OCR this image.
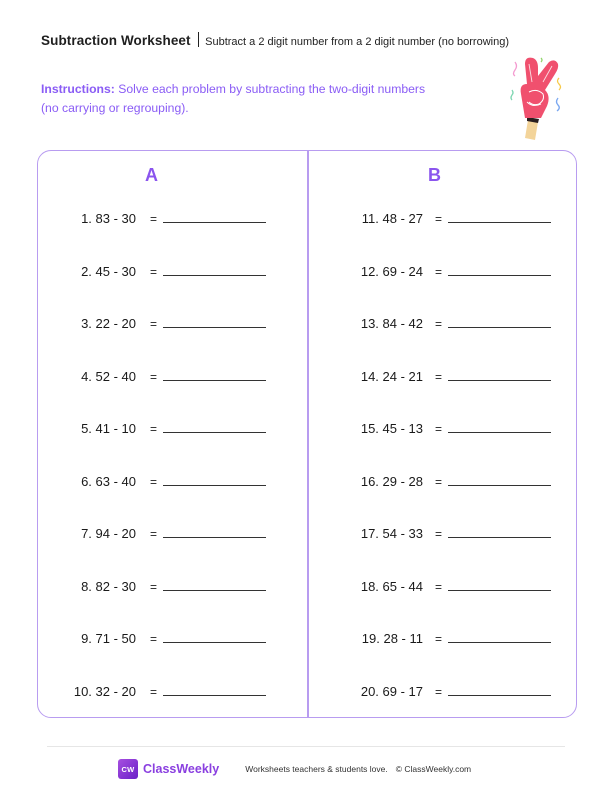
Subtraction Worksheet Subtract a 2 digit number from a 2 digit number (no borrowing)
Instructions: Solve each problem by subtracting the two-digit numbers (no carrying or regrouping).
A	B
1. 83 - 30 =
2. 45 - 30 =
3. 22 - 20 =
4. 52 - 40 =
5. 41 - 10 =
6. 63 - 40 =
7. 94 - 20 =
8. 82 - 30 =
9. 71 - 50 =
10. 32 - 20 =
11. 48 - 27 =
12. 69 - 24 =
13. 84 - 42 =
14. 24 - 21 =
15. 45 - 13 =
16. 29 - 28 =
17. 54 - 33 =
18. 65 - 44 =
19. 28 - 11 =
20. 69 - 17 =
CW ClassWeekly	Worksheets teachers & students love. © ClassWeekly.com
